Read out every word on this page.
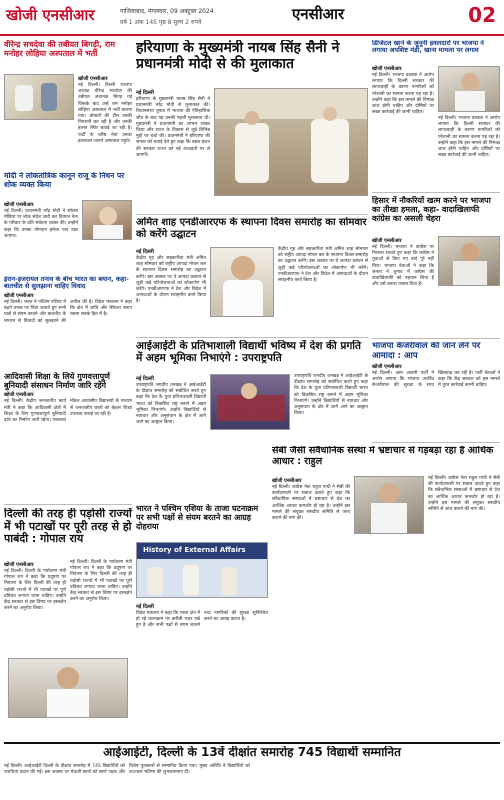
खोजी एनसीआर	गाजियाबाद, मंगलवार, 09 अक्टूबर 2024
वर्ष 1 अंक 145 पृष्ठ 8 मूल्य 2 रुपये	एनसीआर	02
वीरेन्द्र सचदेवा की तबीयत बिगड़ी, राम मनोहर लोहिया अस्पताल में भर्ती
खोजी एनसीआर
नई दिल्ली। दिल्ली भाजपा अध्यक्ष वीरेन्द्र सचदेवा की तबीयत अचानक बिगड़ गई जिसके बाद उन्हें राम मनोहर लोहिया अस्पताल में भर्ती कराया गया। डॉक्टरों की टीम उनकी निगरानी कर रही है और उनकी हालत स्थिर बताई जा रही है। पार्टी के वरिष्ठ नेता उनका हालचाल जानने अस्पताल पहुंचे।
मोदी ने लोकतांत्रिक कानून राजू के निधन पर शोक व्यक्त किया
खोजी एनसीआर
नई दिल्ली। प्रधानमंत्री नरेंद्र मोदी ने सोशल मीडिया पर शोक संदेश जारी कर दिवंगत नेता के परिवार के प्रति संवेदना व्यक्त की। उन्होंने कहा कि उनका योगदान हमेशा याद रखा जाएगा।
ईरान-इजरायल तनाव के बीच भारत का बयान, कहा- बातचीत से सुलझाना चाहिए विवाद
खोजी एनसीआर
नई दिल्ली। भारत ने पश्चिम एशिया में बढ़ते तनाव पर चिंता जताते हुए सभी पक्षों से संयम बरतने और बातचीत के माध्यम से विवादों को सुलझाने की अपील की है। विदेश मंत्रालय ने कहा कि क्षेत्र में शांति और स्थिरता बनाए रखना सबके हित में है।
आदिवासी शिक्षा के लिये गुणवत्तापूर्ण बुनियादी संसाधन निर्माण जारि रहेंगे
खोजी एनसीआर
नई दिल्ली। केंद्रीय जनजातीय कार्य मंत्री ने कहा कि आदिवासी क्षेत्रों में शिक्षा के लिए गुणवत्तापूर्ण बुनियादी ढांचे का निर्माण जारी रहेगा। एकलव्य मॉडल आवासीय विद्यालयों के माध्यम से जनजातीय छात्रों को बेहतर शिक्षा उपलब्ध कराई जा रही है।
हरियाणा के मुख्यमंत्री नायब सिंह सैनी ने प्रधानमंत्री मोदी से की मुलाकात
नई दिल्ली
हरियाणा के मुख्यमंत्री नायब सिंह सैनी ने प्रधानमंत्री नरेंद्र मोदी से मुलाकात की। विधानसभा चुनाव में भाजपा की ऐतिहासिक जीत के बाद यह उनकी पहली मुलाकात थी। मुख्यमंत्री ने प्रधानमंत्री का आभार व्यक्त किया और राज्य के विकास से जुड़े विभिन्न मुद्दों पर चर्चा की। प्रधानमंत्री ने हरियाणा की जनता को बधाई देते हुए कहा कि डबल इंजन की सरकार राज्य को नई ऊंचाइयों पर ले जाएगी।
अमित शाह एनडीआरएफ के स्थापना दिवस समारोह का सोमवार को करेंगे उद्घाटन
नई दिल्ली
केंद्रीय गृह और सहकारिता मंत्री अमित शाह सोमवार को राष्ट्रीय आपदा मोचन बल के स्थापना दिवस समारोह का उद्घाटन करेंगे। इस अवसर पर वे आपदा प्रबंधन से जुड़ी कई परियोजनाओं का लोकार्पण भी करेंगे। एनडीआरएफ ने देश और विदेश में आपदाओं के दौरान सराहनीय कार्य किया है।
केंद्रीय गृह और सहकारिता मंत्री अमित शाह सोमवार को राष्ट्रीय आपदा मोचन बल के स्थापना दिवस समारोह का उद्घाटन करेंगे। इस अवसर पर वे आपदा प्रबंधन से जुड़ी कई परियोजनाओं का लोकार्पण भी करेंगे। एनडीआरएफ ने देश और विदेश में आपदाओं के दौरान सराहनीय कार्य किया है।
आईआईटी के प्रतिभाशाली विद्यार्थी भविष्य में देश की प्रगति में अहम भूमिका निभाएंगे : उपराष्ट्रपति
नई दिल्ली
उपराष्ट्रपति जगदीप धनखड़ ने आईआईटी के दीक्षांत समारोह को संबोधित करते हुए कहा कि देश के युवा प्रतिभाशाली विद्यार्थी भारत को विकसित राष्ट्र बनाने में अहम भूमिका निभाएंगे। उन्होंने विद्यार्थियों से नवाचार और अनुसंधान के क्षेत्र में आगे आने का आह्वान किया।
उपराष्ट्रपति जगदीप धनखड़ ने आईआईटी के दीक्षांत समारोह को संबोधित करते हुए कहा कि देश के युवा प्रतिभाशाली विद्यार्थी भारत को विकसित राष्ट्र बनाने में अहम भूमिका निभाएंगे। उन्होंने विद्यार्थियों से नवाचार और अनुसंधान के क्षेत्र में आगे आने का आह्वान किया।
डिजिटल खाने के जुनूनी हवलदारों पर भाजपा ने लगाया अपशिष्ट मंडी, खाना मामला पर लगाम
खोजी एनसीआर
नई दिल्ली। भाजपा प्रवक्ता ने आरोप लगाया कि दिल्ली सरकार की लापरवाही के कारण नागरिकों को परेशानी का सामना करना पड़ रहा है। उन्होंने कहा कि इस मामले की निष्पक्ष जांच होनी चाहिए और दोषियों पर सख्त कार्रवाई की जानी चाहिए।
नई दिल्ली। भाजपा प्रवक्ता ने आरोप लगाया कि दिल्ली सरकार की लापरवाही के कारण नागरिकों को परेशानी का सामना करना पड़ रहा है। उन्होंने कहा कि इस मामले की निष्पक्ष जांच होनी चाहिए और दोषियों पर सख्त कार्रवाई की जानी चाहिए।
हिसार में नौकरियों खत्म करने पर भाजपा का तीखा हमला, कहा- वादाखिलाफी कांग्रेस का असली चेहरा
खोजी एनसीआर
नई दिल्ली। भाजपा ने कांग्रेस पर निशाना साधते हुए कहा कि कांग्रेस ने युवाओं से किए गए वादे पूरे नहीं किए। भाजपा नेताओं ने कहा कि जनता ने चुनाव में कांग्रेस की वादाखिलाफी को पहचान लिया है और उसे करारा जवाब दिया है।
भाजपा केजरीवाल की जान लेने पर आमादा : आप
खोजी एनसीआर
नई दिल्ली। आम आदमी पार्टी ने आरोप लगाया कि भाजपा अरविंद केजरीवाल की सुरक्षा के साथ खिलवाड़ कर रही है। पार्टी नेताओं ने कहा कि केंद्र सरकार को इस मामले में तुरंत कार्रवाई करनी चाहिए।
भारत ने पश्चिम एशिया के ताजा घटनाक्रम पर सभी पक्षों से संयम बरतने का आग्रह दोहराया
History of External Affairs
नई दिल्ली
विदेश मंत्रालय ने कहा कि भारत क्षेत्र में हो रहे घटनाक्रम पर करीबी नजर रखे हुए है और सभी पक्षों से संयम बरतने तथा नागरिकों की सुरक्षा सुनिश्चित करने का आग्रह करता है।
सेबी जैसी संवैधानिक संस्था में भ्रष्टाचार से गड़बड़ा रहा है आर्थिक आधार : राहुल
खोजी एनसीआर
नई दिल्ली। कांग्रेस नेता राहुल गांधी ने सेबी की कार्यप्रणाली पर सवाल उठाते हुए कहा कि संवैधानिक संस्थाओं में भ्रष्टाचार से देश का आर्थिक आधार कमजोर हो रहा है। उन्होंने इस मामले की संयुक्त संसदीय समिति से जांच कराने की मांग की।
नई दिल्ली। कांग्रेस नेता राहुल गांधी ने सेबी की कार्यप्रणाली पर सवाल उठाते हुए कहा कि संवैधानिक संस्थाओं में भ्रष्टाचार से देश का आर्थिक आधार कमजोर हो रहा है। उन्होंने इस मामले की संयुक्त संसदीय समिति से जांच कराने की मांग की।
दिल्ली की तरह ही पड़ोसी राज्यों में भी पटाखों पर पूरी तरह से हो पाबंदी : गोपाल राय
खोजी एनसीआर
नई दिल्ली। दिल्ली के पर्यावरण मंत्री गोपाल राय ने कहा कि प्रदूषण पर नियंत्रण के लिए दिल्ली की तरह ही पड़ोसी राज्यों में भी पटाखों पर पूर्ण प्रतिबंध लगाया जाना चाहिए। उन्होंने केंद्र सरकार से इस विषय पर हस्तक्षेप करने का अनुरोध किया।
नई दिल्ली। दिल्ली के पर्यावरण मंत्री गोपाल राय ने कहा कि प्रदूषण पर नियंत्रण के लिए दिल्ली की तरह ही पड़ोसी राज्यों में भी पटाखों पर पूर्ण प्रतिबंध लगाया जाना चाहिए। उन्होंने केंद्र सरकार से इस विषय पर हस्तक्षेप करने का अनुरोध किया।
आईआईटी, दिल्ली के 13वें दीक्षांत समारोह 745 विद्यार्थी सम्मानित
नई दिल्ली। आईआईटी दिल्ली के दीक्षांत समारोह में 745 विद्यार्थियों को उपाधियां प्रदान की गईं। इस अवसर पर मेधावी छात्रों को स्वर्ण पदक और विशेष पुरस्कारों से सम्मानित किया गया। मुख्य अतिथि ने विद्यार्थियों को उज्ज्वल भविष्य की शुभकामनाएं दीं।
